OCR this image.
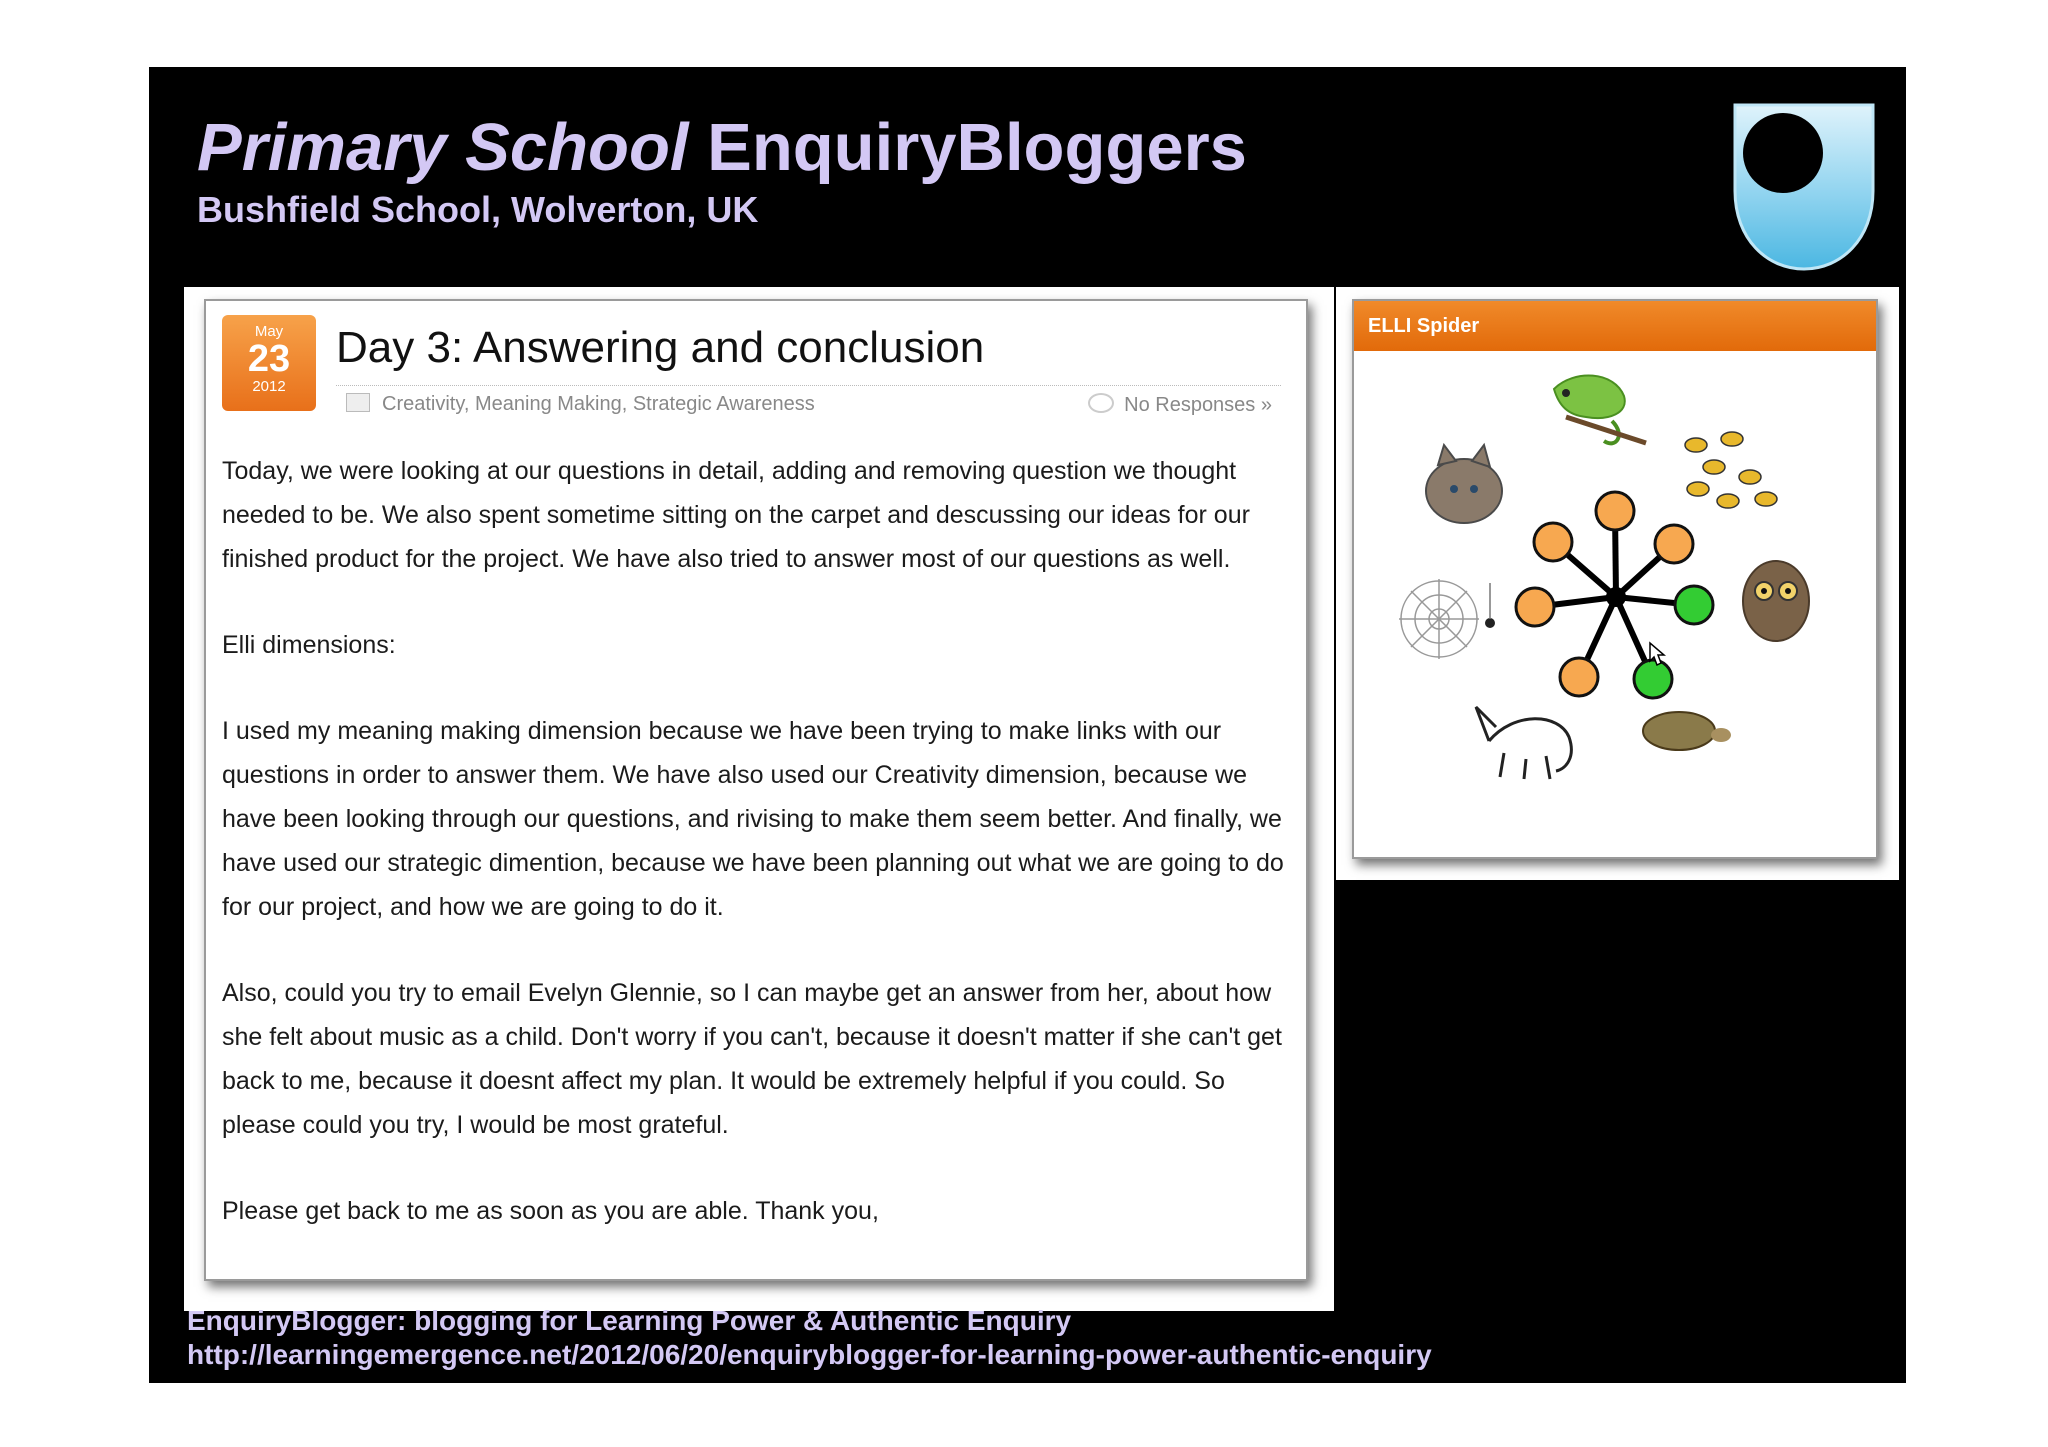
Primary School EnquiryBloggers

Bushfield School, Wolverton, UK

May
23
2012
Day 3: Answering and conclusion
Creativity, Meaning Making, Strategic Awareness	No Responses »

Today, we were looking at our questions in detail, adding and removing question we thought needed to be. We also spent sometime sitting on the carpet and descussing our ideas for our finished product for the project. We have also tried to answer most of our questions as well.

Elli dimensions:

I used my meaning making dimension because we have been trying to make links with our questions in order to answer them. We have also used our Creativity dimension, because we have been looking through our questions, and rivising to make them seem better. And finally, we have used our strategic dimention, because we have been planning out what we are going to do for our project, and how we are going to do it.

Also, could you try to email Evelyn Glennie, so I can maybe get an answer from her, about how she felt about music as a child. Don't worry if you can't, because it doesn't matter if she can't get back to me, because it doesnt affect my plan. It would be extremely helpful if you could. So please could you try, I would be most grateful.

Please get back to me as soon as you are able. Thank you,

ELLI Spider

EnquiryBlogger: blogging for Learning Power & Authentic Enquiry

http://learningemergence.net/2012/06/20/enquiryblogger-for-learning-power-authentic-enquiry
